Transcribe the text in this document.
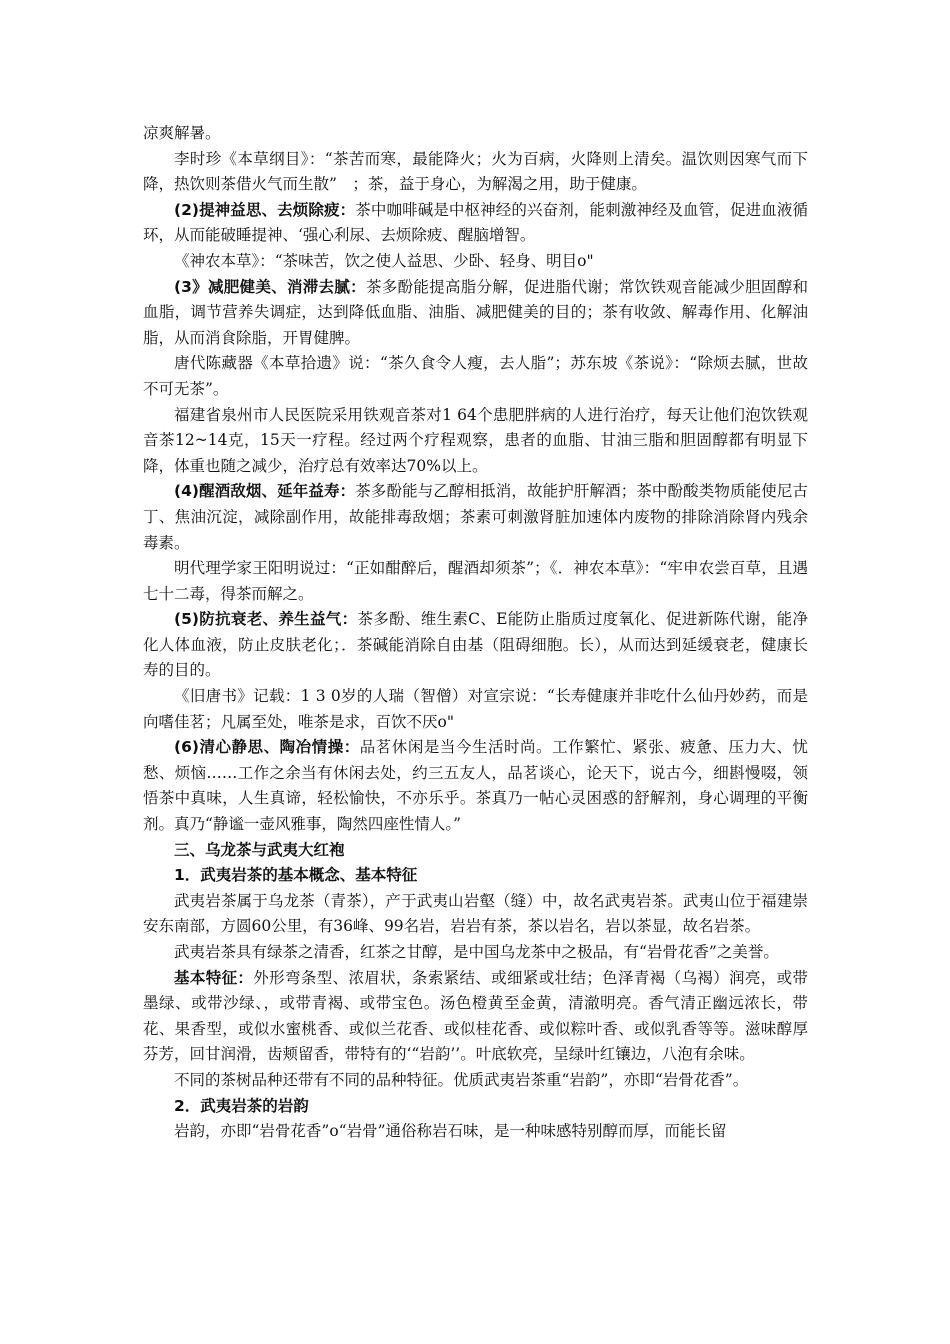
凉爽解暑。

李时珍《本草纲目》：“茶苦而寒，最能降火；火为百病，火降则上清矣。温饮则因寒气而下降，热饮则茶借火气而生散”　；茶，益于身心，为解渴之用，助于健康。

(2)提神益思、去烦除疲：茶中咖啡碱是中枢神经的兴奋剂，能刺激神经及血管，促进血液循环，从而能破睡提神、‘强心利尿、去烦除疲、醒脑增智。

《神农本草》：“茶味苦，饮之使人益思、少卧、轻身、明目o"

(3》减肥健美、消滞去腻：茶多酚能提高脂分解，促进脂代谢；常饮铁观音能减少胆固醇和血脂，调节营养失调症，达到降低血脂、油脂、减肥健美的目的；茶有收敛、解毒作用、化解油脂，从而消食除脂，开胃健脾。

唐代陈藏器《本草拾遗》说：“茶久食令人瘦，去人脂”；苏东坡《茶说》：“除烦去腻，世故不可无茶”。

福建省泉州市人民医院采用铁观音茶对1 64个患肥胖病的人进行治疗，每天让他们泡饮铁观音茶12~14克，15天一疗程。经过两个疗程观察，患者的血脂、甘油三脂和胆固醇都有明显下降，体重也随之减少，治疗总有效率达70%以上。

(4)醒酒敌烟、延年益寿：茶多酚能与乙醇相抵消，故能护肝解酒；茶中酚酸类物质能使尼古丁、焦油沉淀，减除副作用，故能排毒敌烟；茶素可刺激肾脏加速体内废物的排除消除肾内残余毒素。

明代理学家王阳明说过：“正如酣醉后，醒酒却须茶”；《．神农本草》：“牢申农尝百草，且遇七十二毒，得茶而解之。

(5)防抗衰老、养生益气：茶多酚、维生素C、E能防止脂质过度氧化、促进新陈代谢，能净化人体血液，防止皮肤老化；．茶碱能消除自由基（阻碍细胞。长），从而达到延缓衰老，健康长寿的目的。

《旧唐书》记载：1 3 0岁的人瑞（智僧）对宣宗说：“长寿健康并非吃什么仙丹妙药，而是向嗜佳茗；凡属至处，唯茶是求，百饮不厌o"

(6)清心静思、陶冶情操：品茗休闲是当今生活时尚。工作繁忙、紧张、疲惫、压力大、忧愁、烦恼……工作之余当有休闲去处，约三五友人，品茗谈心，论天下，说古今，细斟慢啜，领悟茶中真味，人生真谛，轻松愉快，不亦乐乎。茶真乃一帖心灵困惑的舒解剂，身心调理的平衡剂。真乃“静谧一壶风雅事，陶然四座性情人。”

三、乌龙茶与武夷大红袍

1．武夷岩茶的基本概念、基本特征

武夷岩茶属于乌龙茶（青茶），产于武夷山岩壑（缝）中，故名武夷岩茶。武夷山位于福建崇安东南部，方圆60公里，有36峰、99名岩，岩岩有茶，茶以岩名，岩以茶显，故名岩茶。

武夷岩茶具有绿茶之清香，红茶之甘醇，是中国乌龙茶中之极品，有“岩骨花香”之美誉。

基本特征：外形弯条型、浓眉状，条索紧结、或细紧或壮结；色泽青褐（乌褐）润亮，或带墨绿、或带沙绿、，或带青褐、或带宝色。汤色橙黄至金黄，清澈明亮。香气清正幽远浓长，带花、果香型，或似水蜜桃香、或似兰花香、或似桂花香、或似粽叶香、或似乳香等等。滋味醇厚芬芳，回甘润滑，齿颊留香，带特有的‘“岩韵’’。叶底软亮，呈绿叶红镶边，八泡有余味。

不同的茶树品种还带有不同的品种特征。优质武夷岩茶重“岩韵”，亦即“岩骨花香”。

2．武夷岩茶的岩韵

岩韵，亦即“岩骨花香”o“岩骨”通俗称岩石味，是一种味感特别醇而厚，而能长留
